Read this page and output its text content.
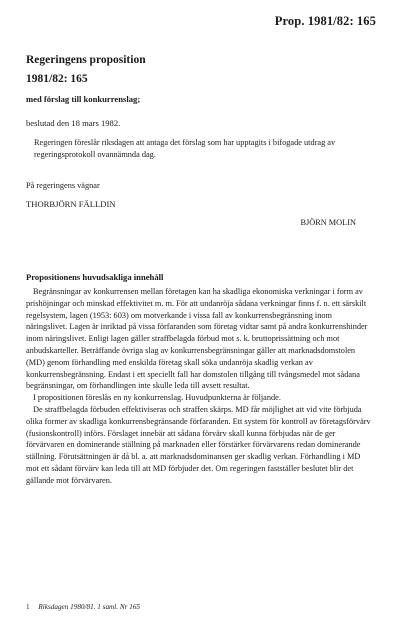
Prop. 1981/82: 165
Regeringens proposition
1981/82: 165
med förslag till konkurrenslag;
beslutad den 18 mars 1982.
Regeringen föreslår riksdagen att antaga det förslag som har upptagits i bifogade utdrag av regeringsprotokoll ovannämnda dag.
På regeringens vägnar
THORBJÖRN FÄLLDIN
BJÖRN MOLIN
Propositionens huvudsakliga innehåll

Begränsningar av konkurrensen mellan företagen kan ha skadliga ekonomiska verkningar i form av prishöjningar och minskad effektivitet m. m. För att undanröja sådana verkningar finns f. n. ett särskilt regelsystem, lagen (1953: 603) om motverkande i vissa fall av konkurrensbegränsning inom näringslivet. Lagen är inriktad på vissa förfaranden som företag vidtar samt på andra konkurrenshinder inom näringslivet. Enligt lagen gäller straffbelagda förbud mot s. k. bruttoprissättning och mot anbudskarteller. Beträffande övriga slag av konkurrensbegränsningar gäller att marknadsdomstolen (MD) genom förhandling med enskilda företag skall söka undanröja skadlig verkan av konkurrensbegränsning. Endast i ett speciellt fall har domstolen tillgång till tvångsmedel mot sådana begränsningar, om förhandlingen inte skulle leda till avsett resultat.

I propositionen föreslås en ny konkurrenslag. Huvudpunkterna är följande.

De straffbelagda förbuden effektiviseras och straffen skärps. MD får möjlighet att vid vite förbjuda olika former av skadliga konkurrensbegränsande förfaranden. Ett system för kontroll av företagsförvärv (fusionskontroll) införs. Förslaget innebär att sådana förvärv skall kunna förbjudas när de ger förvärvaren en dominerande ställning på marknaden eller förstärker förvärvarens redan dominerande ställning. Förutsättningen är då bl. a. att marknadsdominansen ger skadlig verkan. Förhandling i MD mot ett sådant förvärv kan leda till att MD förbjuder det. Om regeringen fastställer beslutet blir det gällande mot förvärvaren.

1 Riksdagen 1980/81. 1 saml. Nr 165
